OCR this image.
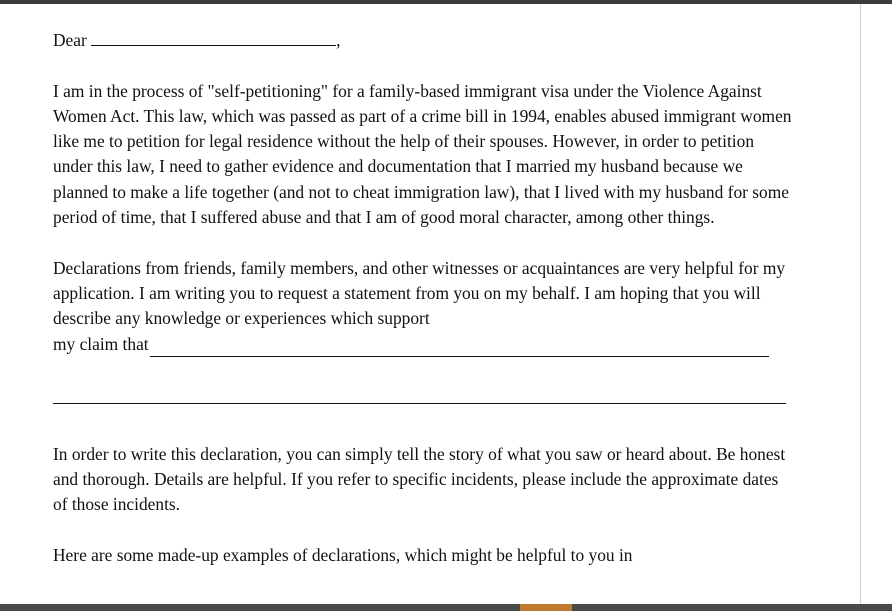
Dear	,

I am in the process of "self-petitioning" for a family-based immigrant visa under the Violence Against Women Act. This law, which was passed as part of a crime bill in 1994, enables abused immigrant women like me to petition for legal residence without the help of their spouses. However, in order to petition under this law, I need to gather evidence and documentation that I married my husband because we planned to make a life together (and not to cheat immigration law), that I lived with my husband for some period of time, that I suffered abuse and that I am of good moral character, among other things.

Declarations from friends, family members, and other witnesses or acquaintances are very helpful for my application. I am writing you to request a statement from you on my behalf. I am hoping that you will describe any knowledge or experiences which support

my claim that

In order to write this declaration, you can simply tell the story of what you saw or heard about. Be honest and thorough. Details are helpful. If you refer to specific incidents, please include the approximate dates of those incidents.

Here are some made-up examples of declarations, which might be helpful to you in
